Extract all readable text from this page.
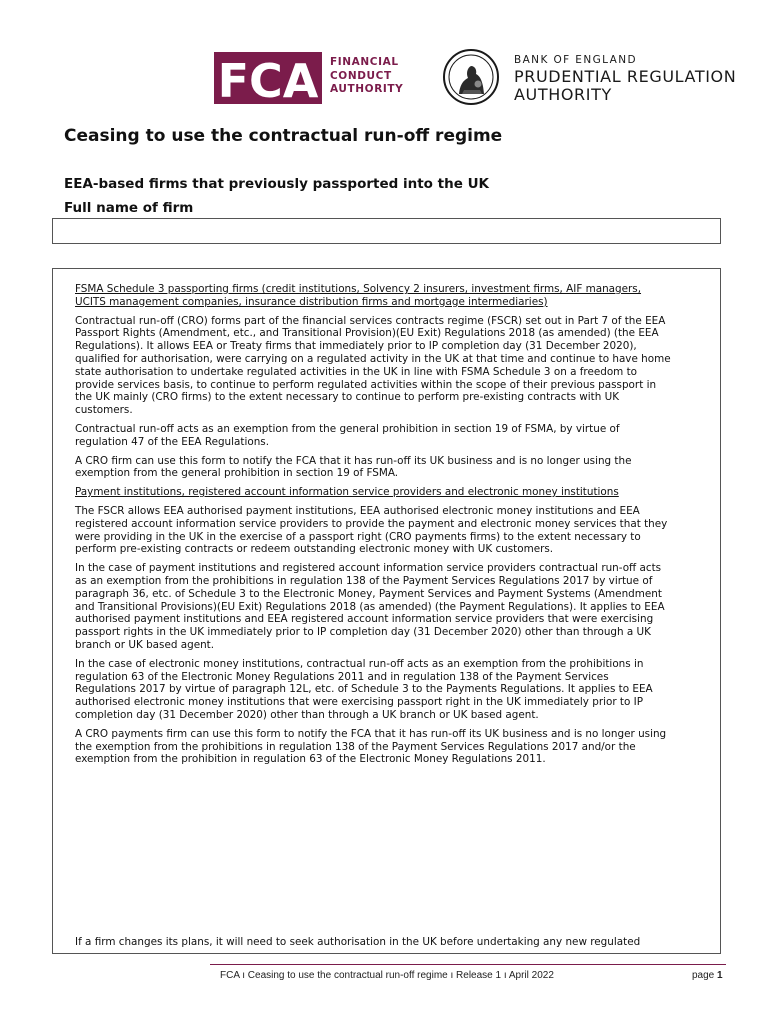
FCA FINANCIAL
CONDUCT
AUTHORITY
BANK OF ENGLAND
PRUDENTIAL REGULATION
AUTHORITY
Ceasing to use the contractual run-off regime
EEA-based firms that previously passported into the UK
Full name of firm

FSMA Schedule 3 passporting firms (credit institutions, Solvency 2 insurers, investment firms, AIF managers, UCITS management companies, insurance distribution firms and mortgage intermediaries)

Contractual run-off (CRO) forms part of the financial services contracts regime (FSCR) set out in Part 7 of the EEA Passport Rights (Amendment, etc., and Transitional Provision)(EU Exit) Regulations 2018 (as amended) (the EEA Regulations). It allows EEA or Treaty firms that immediately prior to IP completion day (31 December 2020), qualified for authorisation, were carrying on a regulated activity in the UK at that time and continue to have home state authorisation to undertake regulated activities in the UK in line with FSMA Schedule 3 on a freedom to provide services basis, to continue to perform regulated activities within the scope of their previous passport in the UK mainly (CRO firms) to the extent necessary to continue to perform pre-existing contracts with UK customers.

Contractual run-off acts as an exemption from the general prohibition in section 19 of FSMA, by virtue of regulation 47 of the EEA Regulations.

A CRO firm can use this form to notify the FCA that it has run-off its UK business and is no longer using the exemption from the general prohibition in section 19 of FSMA.

Payment institutions, registered account information service providers and electronic money institutions

The FSCR allows EEA authorised payment institutions, EEA authorised electronic money institutions and EEA registered account information service providers to provide the payment and electronic money services that they were providing in the UK in the exercise of a passport right (CRO payments firms) to the extent necessary to perform pre-existing contracts or redeem outstanding electronic money with UK customers.

In the case of payment institutions and registered account information service providers contractual run-off acts as an exemption from the prohibitions in regulation 138 of the Payment Services Regulations 2017 by virtue of paragraph 36, etc. of Schedule 3 to the Electronic Money, Payment Services and Payment Systems (Amendment and Transitional Provisions)(EU Exit) Regulations 2018 (as amended) (the Payment Regulations). It applies to EEA authorised payment institutions and EEA registered account information service providers that were exercising passport rights in the UK immediately prior to IP completion day (31 December 2020) other than through a UK branch or UK based agent.

In the case of electronic money institutions, contractual run-off acts as an exemption from the prohibitions in regulation 63 of the Electronic Money Regulations 2011 and in regulation 138 of the Payment Services Regulations 2017 by virtue of paragraph 12L, etc. of Schedule 3 to the Payments Regulations. It applies to EEA authorised electronic money institutions that were exercising passport right in the UK immediately prior to IP completion day (31 December 2020) other than through a UK branch or UK based agent.

A CRO payments firm can use this form to notify the FCA that it has run-off its UK business and is no longer using the exemption from the prohibitions in regulation 138 of the Payment Services Regulations 2017 and/or the exemption from the prohibition in regulation 63 of the Electronic Money Regulations 2011.

If a firm changes its plans, it will need to seek authorisation in the UK before undertaking any new regulated
FCA ı Ceasing to use the contractual run-off regime ı Release 1 ı April 2022	page 1
